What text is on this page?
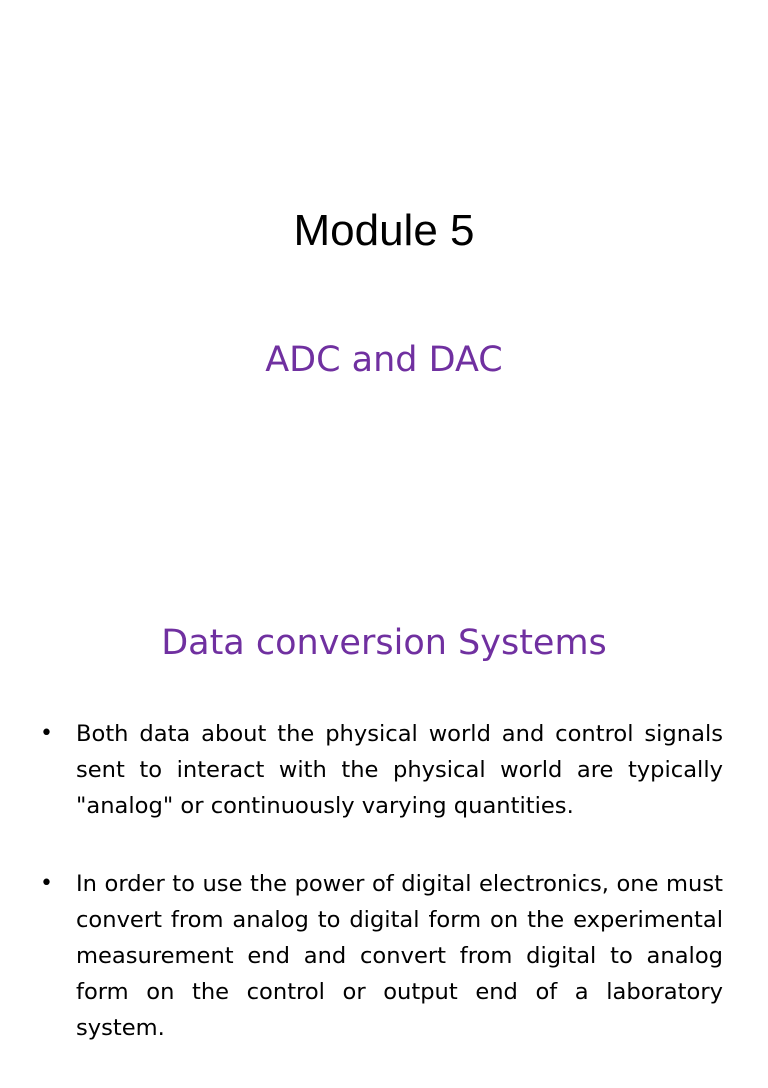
Module 5
ADC and DAC
Data conversion Systems
•	Both data about the physical world and control signals sent to interact with the physical world are typically "analog" or continuously varying quantities.
•	In order to use the power of digital electronics, one must convert from analog to digital form on the experimental measurement end and convert from digital to analog form on the control or output end of a laboratory system.
